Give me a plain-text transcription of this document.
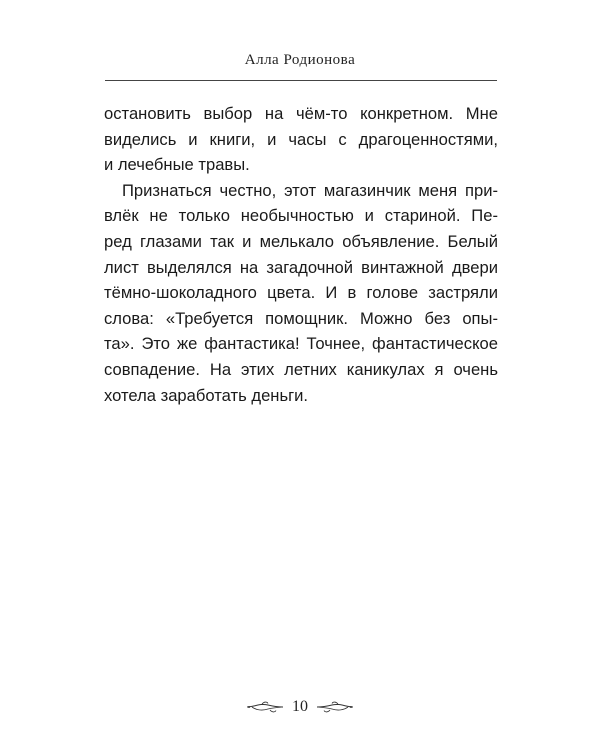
Алла Родионова
остановить выбор на чём-то конкретном. Мне
виделись и книги, и часы с драгоценностями,
и лечебные травы.
Признаться честно, этот магазинчик меня при-
влёк не только необычностью и стариной. Пе-
ред глазами так и мелькало объявление. Белый
лист выделялся на загадочной винтажной двери
тёмно-шоколадного цвета. И в голове застряли
слова: «Требуется помощник. Можно без опы-
та». Это же фантастика! Точнее, фантастическое
совпадение. На этих летних каникулах я очень
хотела заработать деньги.
10
